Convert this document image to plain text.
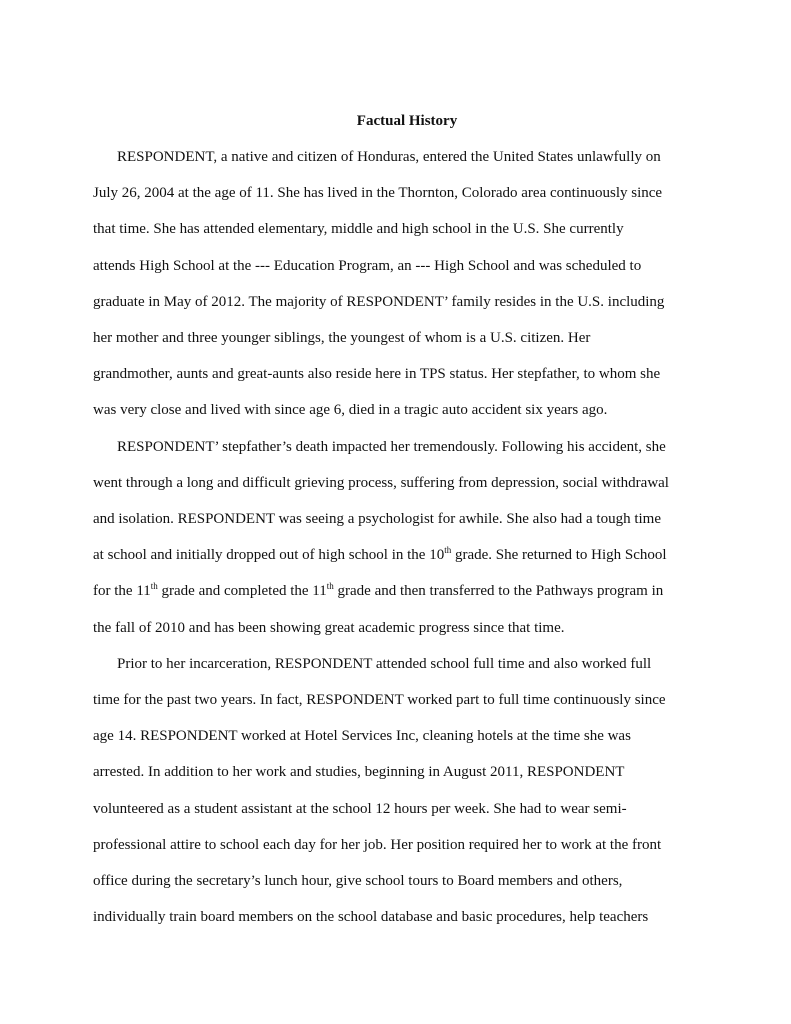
Factual History
RESPONDENT, a native and citizen of Honduras, entered the United States unlawfully on
July 26, 2004 at the age of 11. She has lived in the Thornton, Colorado area continuously since
that time. She has attended elementary, middle and high school in the U.S. She currently
attends High School at the --- Education Program, an --- High School and was scheduled to
graduate in May of 2012. The majority of RESPONDENT’ family resides in the U.S. including
her mother and three younger siblings, the youngest of whom is a U.S. citizen. Her
grandmother, aunts and great-aunts also reside here in TPS status. Her stepfather, to whom she
was very close and lived with since age 6, died in a tragic auto accident six years ago.
RESPONDENT’ stepfather’s death impacted her tremendously. Following his accident, she
went through a long and difficult grieving process, suffering from depression, social withdrawal
and isolation. RESPONDENT was seeing a psychologist for awhile. She also had a tough time
at school and initially dropped out of high school in the 10th grade. She returned to High School
for the 11th grade and completed the 11th grade and then transferred to the Pathways program in
the fall of 2010 and has been showing great academic progress since that time.
Prior to her incarceration, RESPONDENT attended school full time and also worked full
time for the past two years. In fact, RESPONDENT worked part to full time continuously since
age 14. RESPONDENT worked at Hotel Services Inc, cleaning hotels at the time she was
arrested. In addition to her work and studies, beginning in August 2011, RESPONDENT
volunteered as a student assistant at the school 12 hours per week. She had to wear semi-
professional attire to school each day for her job. Her position required her to work at the front
office during the secretary’s lunch hour, give school tours to Board members and others,
individually train board members on the school database and basic procedures, help teachers
